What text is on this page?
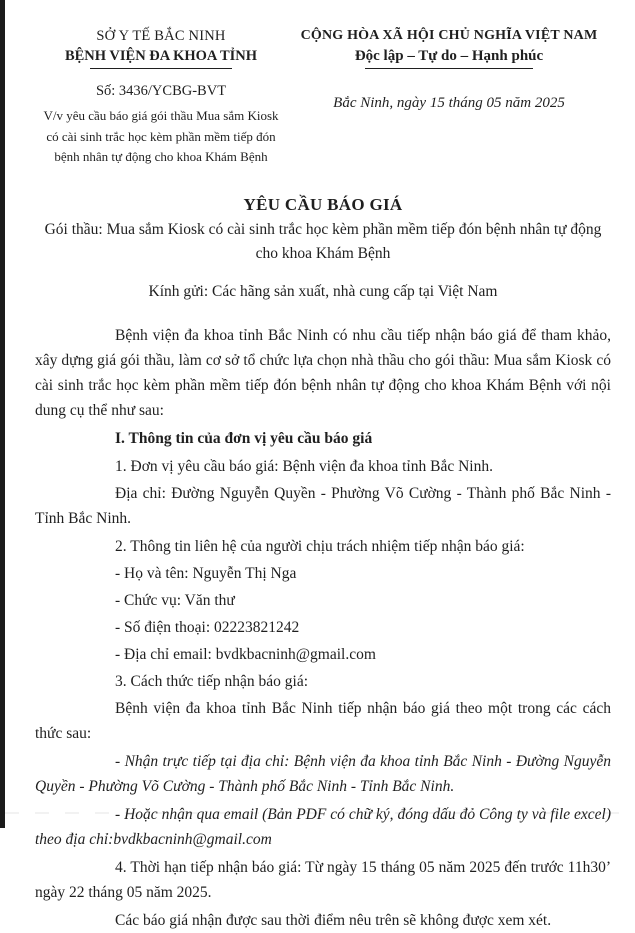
SỞ Y TẾ BẮC NINH
BỆNH VIỆN ĐA KHOA TỈNH
Số: 3436/YCBG-BVT
V/v yêu cầu báo giá gói thầu Mua sắm Kiosk có cài sinh trắc học kèm phần mềm tiếp đón bệnh nhân tự động cho khoa Khám Bệnh
CỘNG HÒA XÃ HỘI CHỦ NGHĨA VIỆT NAM
Độc lập – Tự do – Hạnh phúc
Bắc Ninh, ngày 15 tháng 05 năm 2025
YÊU CẦU BÁO GIÁ
Gói thầu: Mua sắm Kiosk có cài sinh trắc học kèm phần mềm tiếp đón bệnh nhân tự động cho khoa Khám Bệnh
Kính gửi: Các hãng sản xuất, nhà cung cấp tại Việt Nam
Bệnh viện đa khoa tỉnh Bắc Ninh có nhu cầu tiếp nhận báo giá để tham khảo, xây dựng giá gói thầu, làm cơ sở tổ chức lựa chọn nhà thầu cho gói thầu: Mua sắm Kiosk có cài sinh trắc học kèm phần mềm tiếp đón bệnh nhân tự động cho khoa Khám Bệnh với nội dung cụ thể như sau:
I. Thông tin của đơn vị yêu cầu báo giá
1. Đơn vị yêu cầu báo giá: Bệnh viện đa khoa tỉnh Bắc Ninh.
Địa chỉ: Đường Nguyễn Quyền - Phường Võ Cường - Thành phố Bắc Ninh - Tỉnh Bắc Ninh.
2. Thông tin liên hệ của người chịu trách nhiệm tiếp nhận báo giá:
- Họ và tên: Nguyễn Thị Nga
- Chức vụ: Văn thư
- Số điện thoại: 02223821242
- Địa chỉ email: bvdkbacninh@gmail.com
3. Cách thức tiếp nhận báo giá:
Bệnh viện đa khoa tỉnh Bắc Ninh tiếp nhận báo giá theo một trong các cách thức sau:
- Nhận trực tiếp tại địa chỉ: Bệnh viện đa khoa tỉnh Bắc Ninh - Đường Nguyễn Quyền - Phường Võ Cường - Thành phố Bắc Ninh - Tỉnh Bắc Ninh.
- Hoặc nhận qua email (Bản PDF có chữ ký, đóng dấu đỏ Công ty và file excel) theo địa chỉ:bvdkbacninh@gmail.com
4. Thời hạn tiếp nhận báo giá: Từ ngày 15 tháng 05 năm 2025 đến trước 11h30’ ngày 22 tháng 05 năm 2025.
Các báo giá nhận được sau thời điểm nêu trên sẽ không được xem xét.
